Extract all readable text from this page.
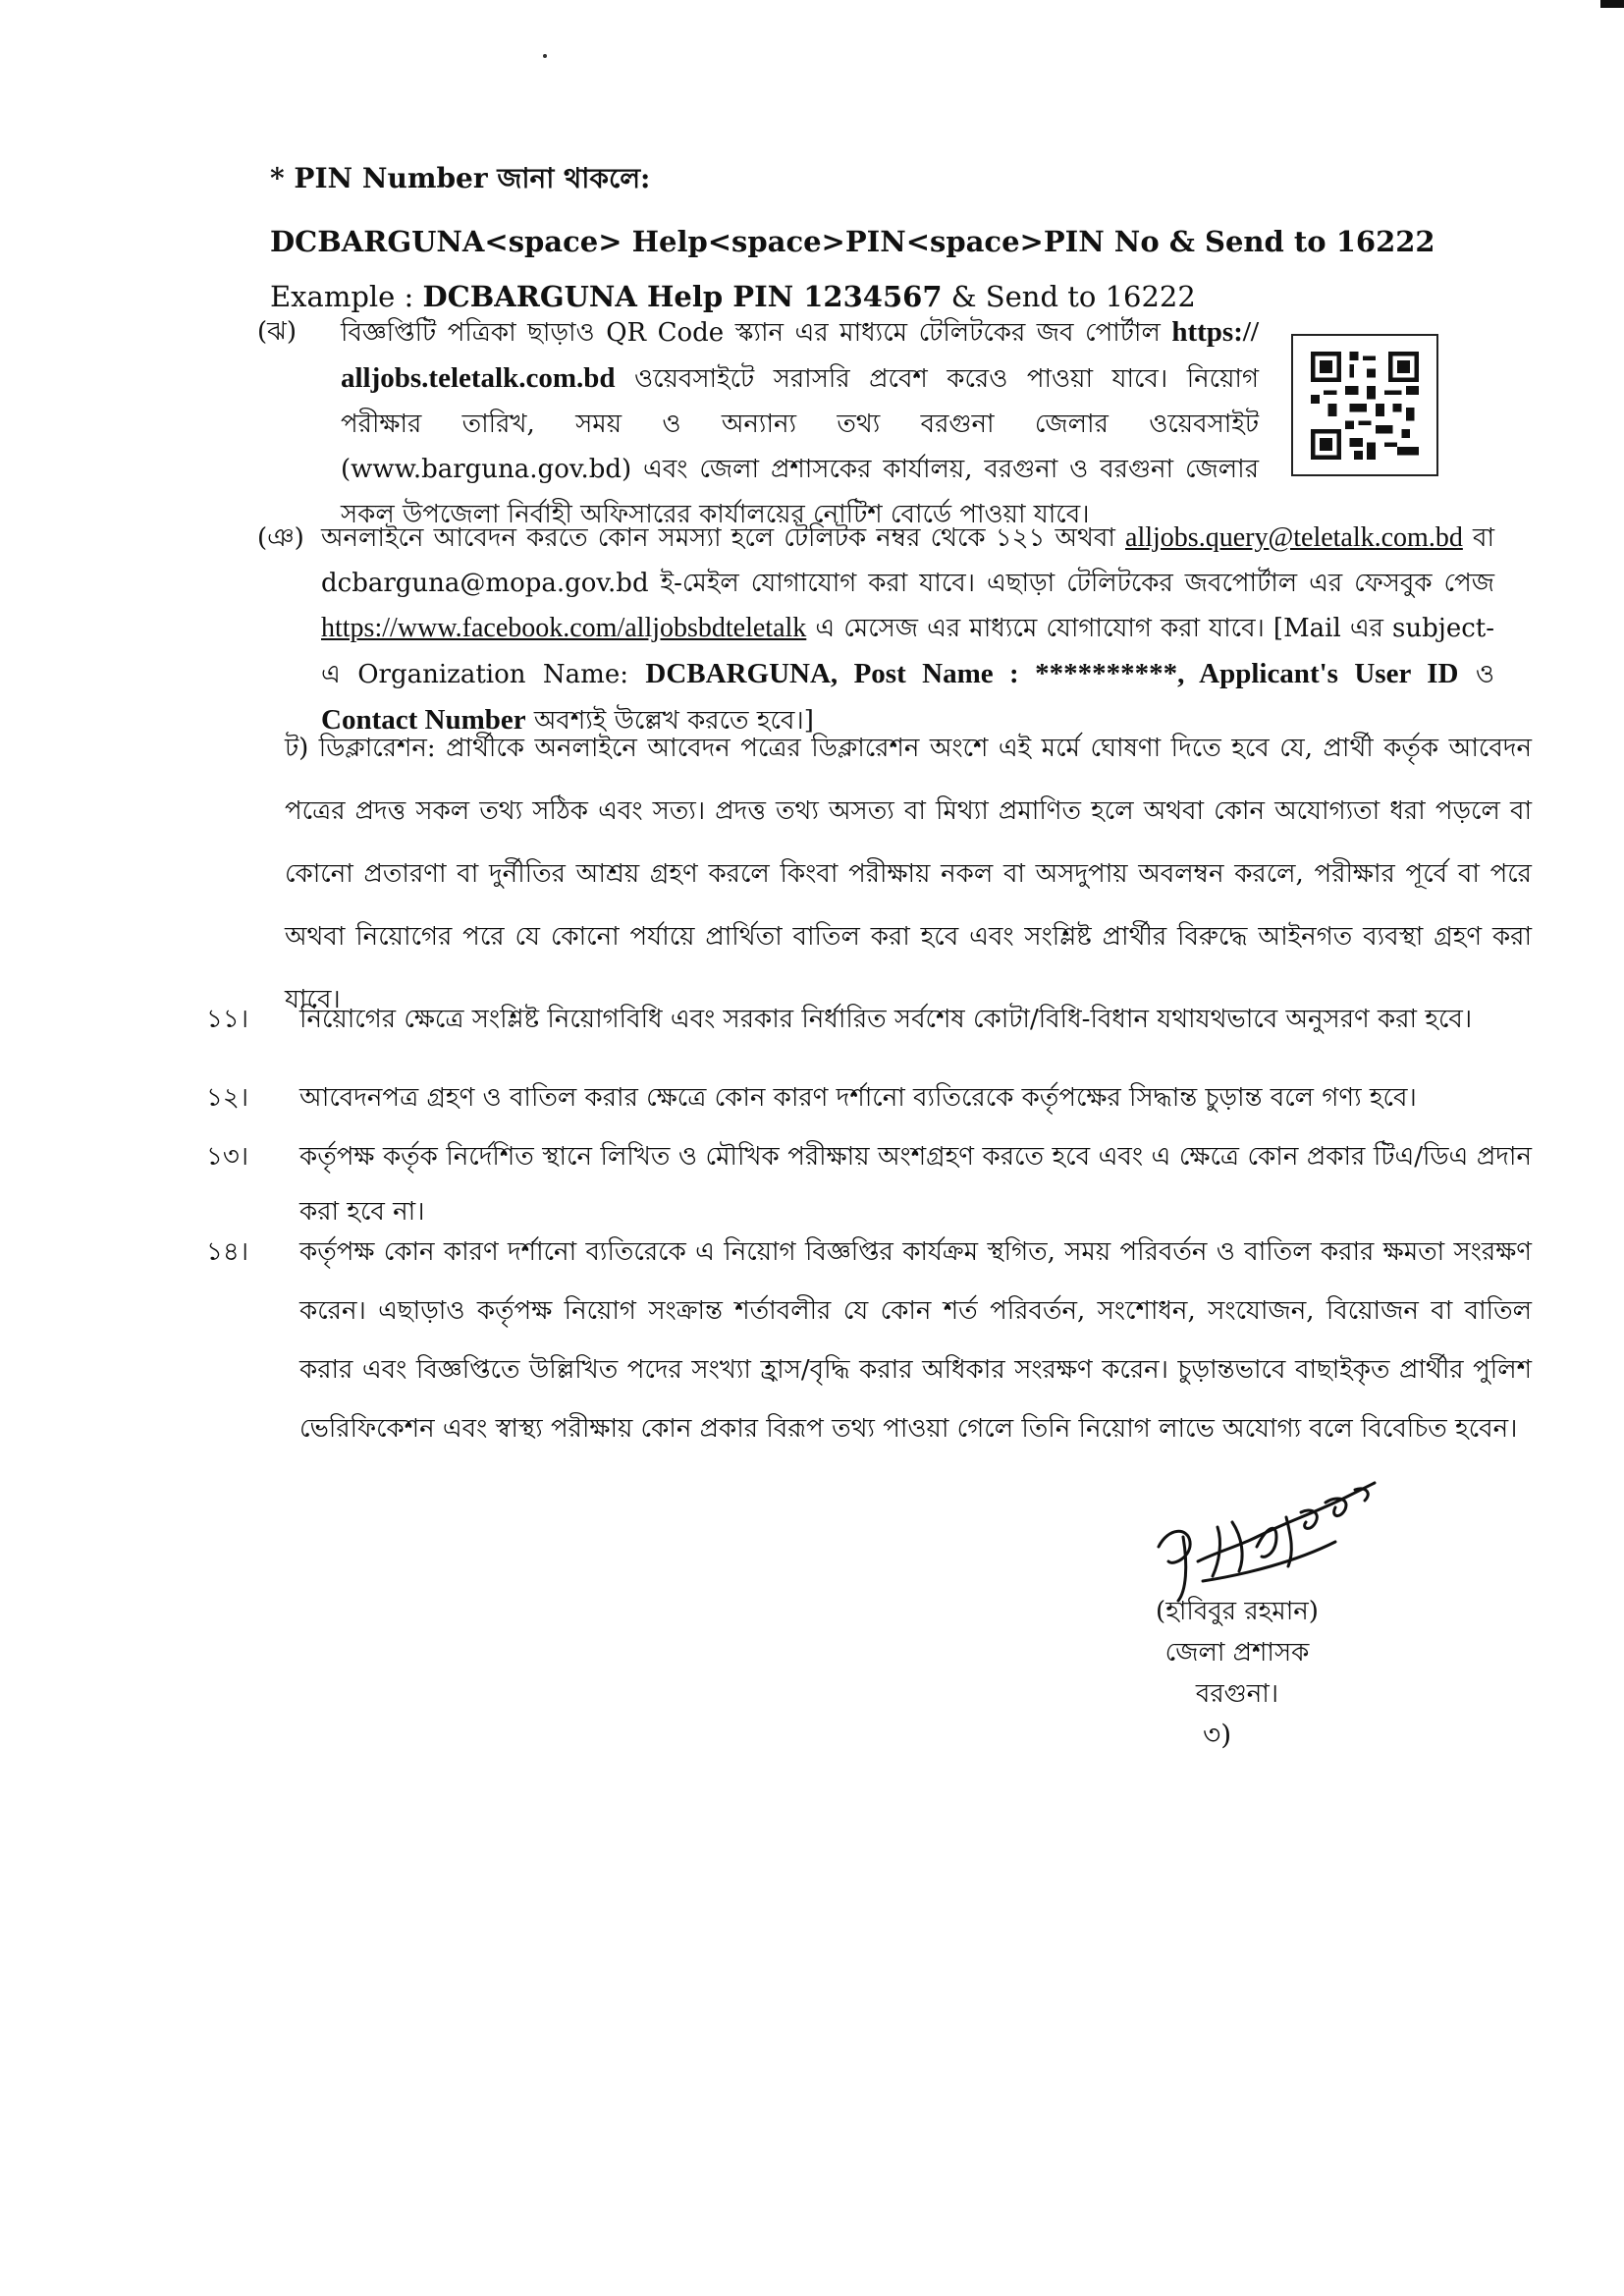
* PIN Number জানা থাকলে:

DCBARGUNA<space> Help<space>PIN<space>PIN No & Send to 16222

Example : DCBARGUNA Help PIN 1234567 & Send to 16222

(ঝ) বিজ্ঞপ্তিটি পত্রিকা ছাড়াও QR Code স্ক্যান এর মাধ্যমে টেলিটকের জব পোর্টাল https:// alljobs.teletalk.com.bd ওয়েবসাইটে সরাসরি প্রবেশ করেও পাওয়া যাবে। নিয়োগ পরীক্ষার তারিখ, সময় ও অন্যান্য তথ্য বরগুনা জেলার ওয়েবসাইট (www.barguna.gov.bd) এবং জেলা প্রশাসকের কার্যালয়, বরগুনা ও বরগুনা জেলার সকল উপজেলা নির্বাহী অফিসারের কার্যালয়ের নোটিশ বোর্ডে পাওয়া যাবে।
(ঞ) অনলাইনে আবেদন করতে কোন সমস্যা হলে টেলিটক নম্বর থেকে ১২১ অথবা alljobs.query@teletalk.com.bd বা dcbarguna@mopa.gov.bd ই-মেইল যোগাযোগ করা যাবে। এছাড়া টেলিটকের জবপোর্টাল এর ফেসবুক পেজ https://www.facebook.com/alljobsbdteletalk এ মেসেজ এর মাধ্যমে যোগাযোগ করা যাবে। [Mail এর subject- এ Organization Name: DCBARGUNA, Post Name : **********, Applicant's User ID ও Contact Number অবশ্যই উল্লেখ করতে হবে।]
ট) ডিক্লারেশন: প্রার্থীকে অনলাইনে আবেদন পত্রের ডিক্লারেশন অংশে এই মর্মে ঘোষণা দিতে হবে যে, প্রার্থী কর্তৃক আবেদন পত্রের প্রদত্ত সকল তথ্য সঠিক এবং সত্য। প্রদত্ত তথ্য অসত্য বা মিথ্যা প্রমাণিত হলে অথবা কোন অযোগ্যতা ধরা পড়লে বা কোনো প্রতারণা বা দুর্নীতির আশ্রয় গ্রহণ করলে কিংবা পরীক্ষায় নকল বা অসদুপায় অবলম্বন করলে, পরীক্ষার পূর্বে বা পরে অথবা নিয়োগের পরে যে কোনো পর্যায়ে প্রার্থিতা বাতিল করা হবে এবং সংশ্লিষ্ট প্রার্থীর বিরুদ্ধে আইনগত ব্যবস্থা গ্রহণ করা যাবে।
১১।	নিয়োগের ক্ষেত্রে সংশ্লিষ্ট নিয়োগবিধি এবং সরকার নির্ধারিত সর্বশেষ কোটা/বিধি-বিধান যথাযথভাবে অনুসরণ করা হবে।
১২।	আবেদনপত্র গ্রহণ ও বাতিল করার ক্ষেত্রে কোন কারণ দর্শানো ব্যতিরেকে কর্তৃপক্ষের সিদ্ধান্ত চুড়ান্ত বলে গণ্য হবে।
১৩।	কর্তৃপক্ষ কর্তৃক নির্দেশিত স্থানে লিখিত ও মৌখিক পরীক্ষায় অংশগ্রহণ করতে হবে এবং এ ক্ষেত্রে কোন প্রকার টিএ/ডিএ প্রদান করা হবে না।
১৪।	কর্তৃপক্ষ কোন কারণ দর্শানো ব্যতিরেকে এ নিয়োগ বিজ্ঞপ্তির কার্যক্রম স্থগিত, সময় পরিবর্তন ও বাতিল করার ক্ষমতা সংরক্ষণ করেন। এছাড়াও কর্তৃপক্ষ নিয়োগ সংক্রান্ত শর্তাবলীর যে কোন শর্ত পরিবর্তন, সংশোধন, সংযোজন, বিয়োজন বা বাতিল করার এবং বিজ্ঞপ্তিতে উল্লিখিত পদের সংখ্যা হ্রাস/বৃদ্ধি করার অধিকার সংরক্ষণ করেন। চুড়ান্তভাবে বাছাইকৃত প্রার্থীর পুলিশ ভেরিফিকেশন এবং স্বাস্থ্য পরীক্ষায় কোন প্রকার বিরূপ তথ্য পাওয়া গেলে তিনি নিয়োগ লাভে অযোগ্য বলে বিবেচিত হবেন।
(হাবিবুর রহমান)
জেলা প্রশাসক
বরগুনা।
৩)
